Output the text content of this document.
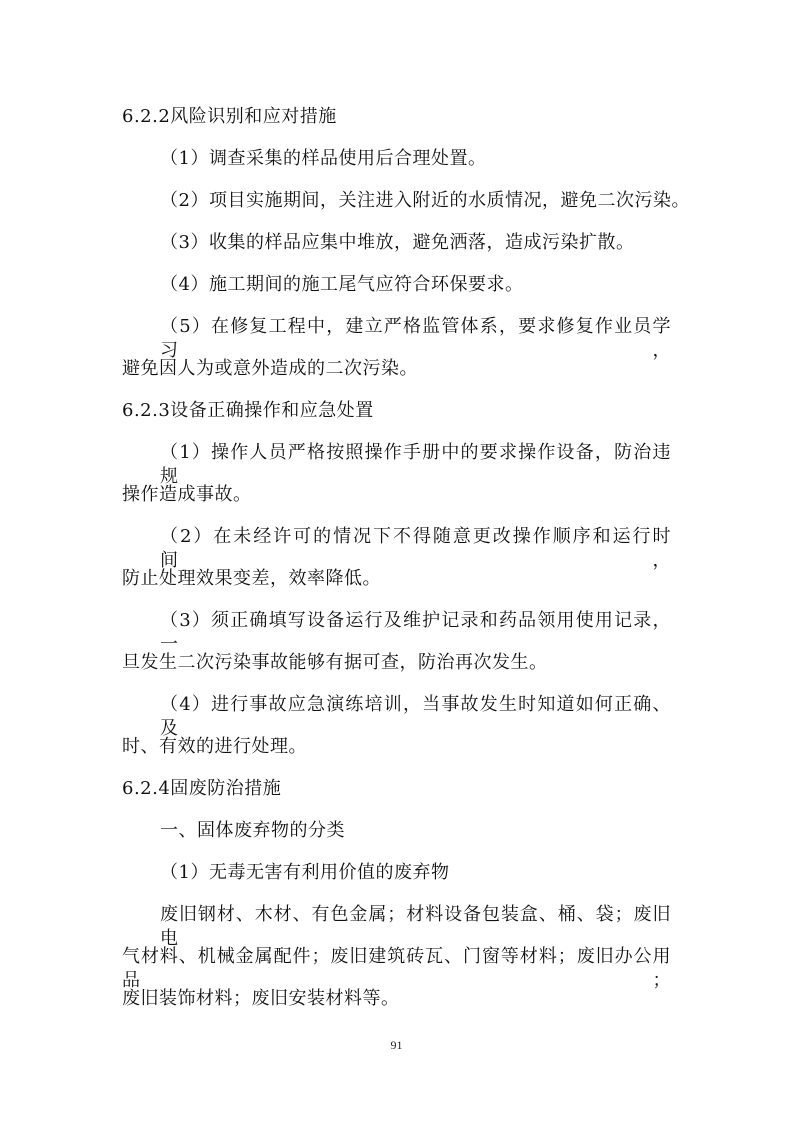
6.2.2风险识别和应对措施
（1）调查采集的样品使用后合理处置。
（2）项目实施期间，关注进入附近的水质情况，避免二次污染。
（3）收集的样品应集中堆放，避免洒落，造成污染扩散。
（4）施工期间的施工尾气应符合环保要求。
（5）在修复工程中，建立严格监管体系，要求修复作业员学习，
避免因人为或意外造成的二次污染。
6.2.3设备正确操作和应急处置
（1）操作人员严格按照操作手册中的要求操作设备，防治违规
操作造成事故。
（2）在未经许可的情况下不得随意更改操作顺序和运行时间，
防止处理效果变差，效率降低。
（3）须正确填写设备运行及维护记录和药品领用使用记录，一
旦发生二次污染事故能够有据可查，防治再次发生。
（4）进行事故应急演练培训，当事故发生时知道如何正确、及
时、有效的进行处理。
6.2.4固废防治措施
一、固体废弃物的分类
（1）无毒无害有利用价值的废弃物
废旧钢材、木材、有色金属；材料设备包装盒、桶、袋；废旧电
气材料、机械金属配件；废旧建筑砖瓦、门窗等材料；废旧办公用品；
废旧装饰材料；废旧安装材料等。
91
